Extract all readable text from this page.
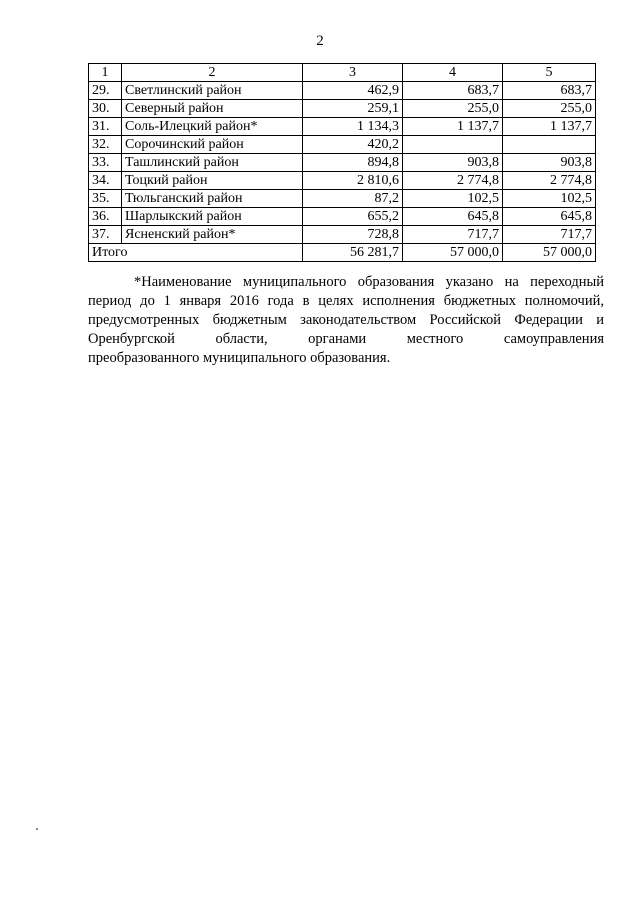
2
1	2	3	4	5
29.	Светлинский район	462,9	683,7	683,7
30.	Северный район	259,1	255,0	255,0
31.	Соль-Илецкий район*	1 134,3	1 137,7	1 137,7
32.	Сорочинский район	420,2		
33.	Ташлинский район	894,8	903,8	903,8
34.	Тоцкий район	2 810,6	2 774,8	2 774,8
35.	Тюльганский район	87,2	102,5	102,5
36.	Шарлыкский район	655,2	645,8	645,8
37.	Ясненский район*	728,8	717,7	717,7
Итого		56 281,7	57 000,0	57 000,0
*Наименование муниципального образования указано на переходный
период до 1 января 2016 года в целях исполнения бюджетных полномочий,
предусмотренных бюджетным законодательством Российской Федерации и
Оренбургской области, органами местного самоуправления
преобразованного муниципального образования.
